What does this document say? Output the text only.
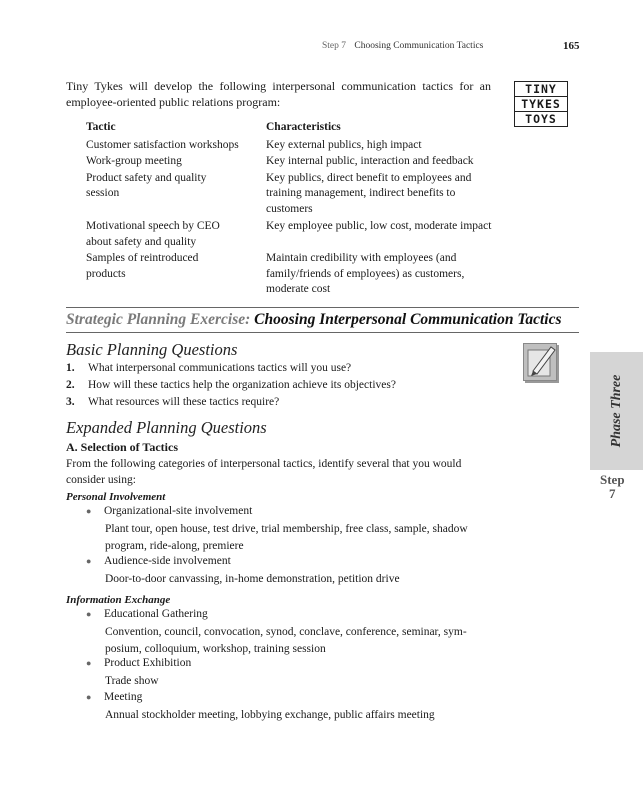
Step 7 Choosing Communication Tactics	165
TINY
TYKES
TOYS
Tiny Tykes will develop the following interpersonal communication tactics for an employee-oriented public relations program:
Tactic	Characteristics
Customer satisfaction workshops	Key external publics, high impact
Work-group meeting	Key internal public, interaction and feedback
Product safety and quality session	Key publics, direct benefit to employees and training management, indirect benefits to customers
Motivational speech by CEO about safety and quality	Key employee public, low cost, moderate impact
Samples of reintroduced products	Maintain credibility with employees (and family/friends of employees) as customers, moderate cost
Strategic Planning Exercise: Choosing Interpersonal Communication Tactics
Basic Planning Questions
1. What interpersonal communications tactics will you use?
2. How will these tactics help the organization achieve its objectives?
3. What resources will these tactics require?
Expanded Planning Questions
A. Selection of Tactics
From the following categories of interpersonal tactics, identify several that you would consider using:
Personal Involvement
● Organizational-site involvement
Plant tour, open house, test drive, trial membership, free class, sample, shadow program, ride-along, premiere
● Audience-side involvement
Door-to-door canvassing, in-home demonstration, petition drive
Information Exchange
● Educational Gathering
Convention, council, convocation, synod, conclave, conference, seminar, sym-posium, colloquium, workshop, training session
● Product Exhibition
Trade show
● Meeting
Annual stockholder meeting, lobbying exchange, public affairs meeting
Phase Three
Step
7
